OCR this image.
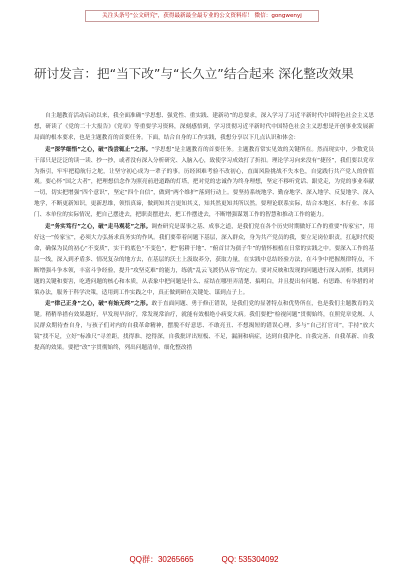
关注头条号"公文研究"，获得最新最全最专业的公文资料库！ 微信：gongwenyj
研讨发言：把“当下改”与“长久立”结合起来 深化整改效果

自主题教育活动启动以来，我全面准确“学思想、强党性、重实践、建新功”的总要求，深入学习了习近平新时代中国特色社会主义思想，研读了《党的二十大报告》《党章》等重要学习资料，深刻感悟到，学习贯彻习近平新时代中国特色社会主义思想是开创事业发展新局面的根本要求，也是主题教育的首要任务。下面，结合自身的工作实践，我想分享以下几点认识和体会：

走“深学细悟”之心，破“浅尝辄止”之形。“学思想”是主题教育的首要任务。主题教育常实见效的关键所在。然而现实中，少数党员干部只是泛泛的读一读、抄一抄，或者没有深入分析研究、入脑入心，致使学习成效打了折扣。理论学习向来没有“捷径”，我们要以党章为指引，牢牢把稳航行之舵，让坚守初心成为一辈子的事。历经困难考验不改初心，直面风险挑战不失本色，自觉践行共产党人的价值观。要心怀“国之大者”，把理想信念作为照亮前进道路的灯塔，把对党的忠诚作为终身理想，坚定不移听党话、跟党走，为党的事业奉献一切，切实把增强“四个意识”，坚定“四个自信”，做到“两个维护”落到行动上。要坚持系统地学、勤奋地学、深入地学、反复地学、深入地学，不断更新知识，更新思维，领悟真谛，做到知其言更知其义，知其然更知其所以然。要理论联系实际，结合本地区、本行业、本部门、本单位的实际情况，把自己摆进去，把职责摆进去，把工作摆进去，不断增强谋划工作的智慧和推动工作的能力。

走“务实笃行”之心，破“走马观花”之形。调查研究是谋事之基、成事之道，是我们党在各个历史时期做好工作的重要“传家宝”，用好这一“传家宝”，必须大力弘扬求真务实的作风。我们要带着问题下基层，深入群众，身为共产党员的我，要立足岗位职责，扛起时代使命，确保为民的初心“不变质”，实干的底色“不变色”，把“躬耕于地”、“俯首甘为孺子牛”的情怀根植在日常的实践之中。要深入工作的基层一线，深入到矛盾多、情况复杂的地方去，在基层的沃土上汲取养分，获取力量，在实践中总结经验方法，在斗争中把握规律特点，不断增强斗争本领，丰富斗争经验，提升“攻坚克难”的能力，练就“乱云飞渡仍从容”的定力。要对反映和发现的问题进行深入剖析，找到问题的关键和要害，吃透问题的核心和本质，从表象中把问题是什么、症结在哪里弄清楚、搞明白，并且提出有问题、有思路、有举措的对策办法，服务于科学决策，适用到工作实践之中，真正做到研在关键处、谋到点子上。

走“律己正身”之心，破“有始无终”之形。敢于直面问题、勇于修正错误，是我们党的显著特点和优势所在，也是我们主题教育的关键。稍稍举措有效果越好，早发现早治疗，常发现常治疗，就能有效根绝小病变大病。我们要把“检视问题”贯彻始终，在照党章党规、人民群众期待查自身，与孩子们对内的自我革命精神，摆脱不好意思、不敢亮丑、不想揭短的错误心理，多与“自己打官司”，手持“放大镜”找不足，立好“标准尺”寻差距，找得准、挖得深，自我批评出短板、不足，漏洞和病症，达到自我净化、自我完善、自我革新、自我提高的效果。要把“改”字贯彻始终，列出问题清单，细化整改措

QQ群：30265665	QQ: 535304092
